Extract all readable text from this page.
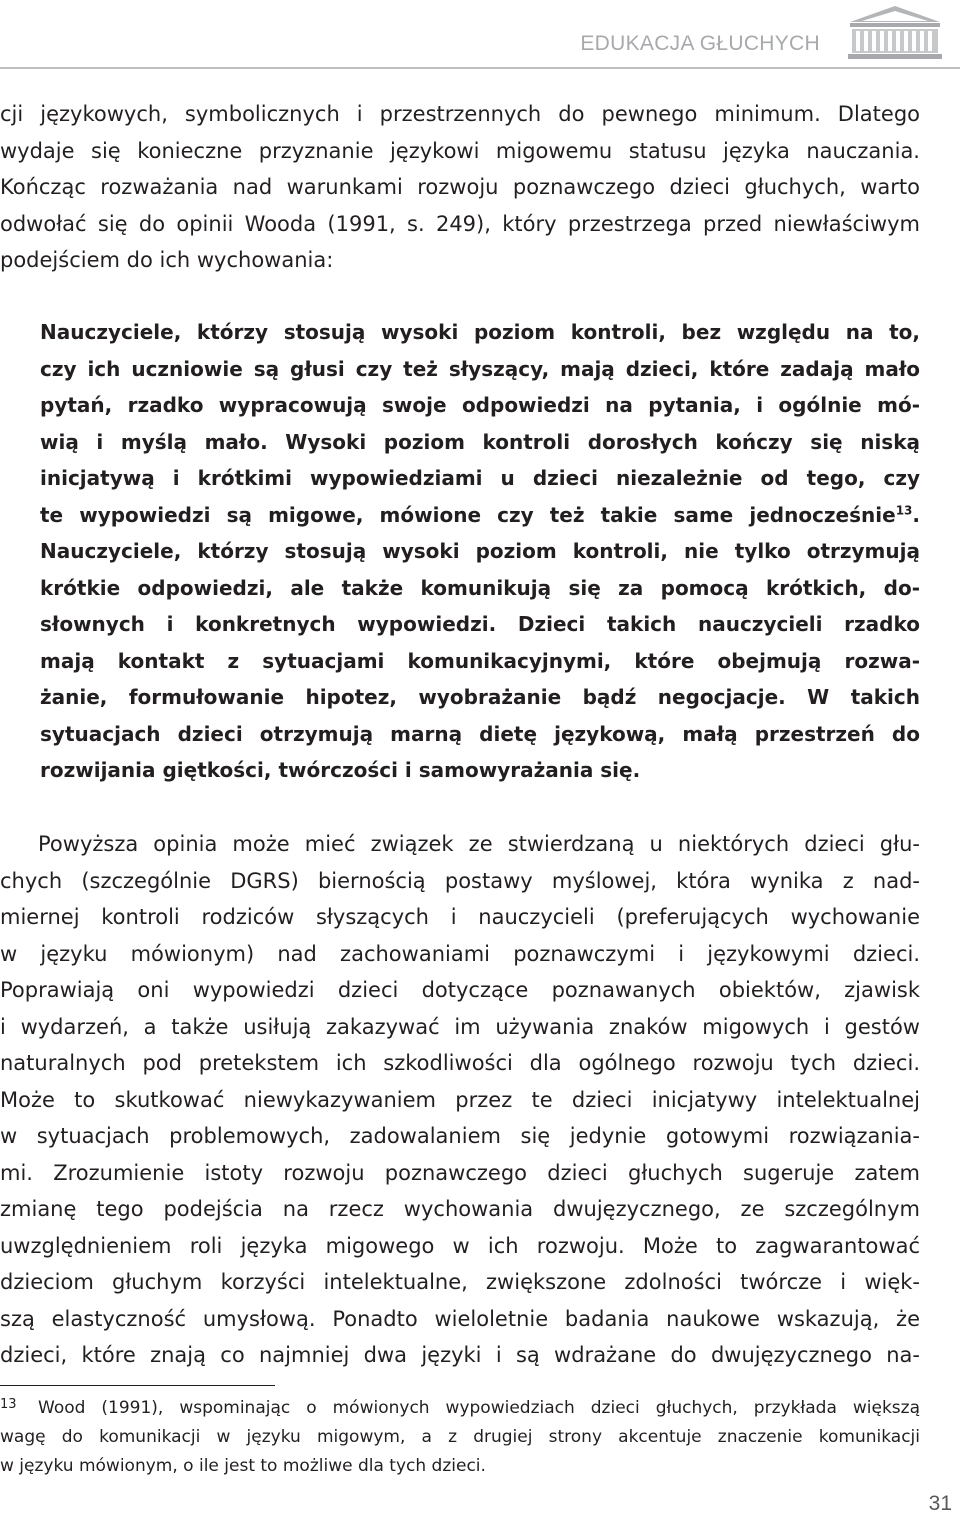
EDUKACJA GŁUCHYCH
cji językowych, symbolicznych i przestrzennych do pewnego minimum. Dlatego
wydaje się konieczne przyznanie językowi migowemu statusu języka nauczania.
Kończąc rozważania nad warunkami rozwoju poznawczego dzieci głuchych, warto
odwołać się do opinii Wooda (1991, s. 249), który przestrzega przed niewłaściwym
podejściem do ich wychowania:
Nauczyciele, którzy stosują wysoki poziom kontroli, bez względu na to,
czy ich uczniowie są głusi czy też słyszący, mają dzieci, które zadają mało
pytań, rzadko wypracowują swoje odpowiedzi na pytania, i ogólnie mó-
wią i myślą mało. Wysoki poziom kontroli dorosłych kończy się niską
inicjatywą i krótkimi wypowiedziami u dzieci niezależnie od tego, czy
te wypowiedzi są migowe, mówione czy też takie same jednocześnie$^{13}$.
Nauczyciele, którzy stosują wysoki poziom kontroli, nie tylko otrzymują
krótkie odpowiedzi, ale także komunikują się za pomocą krótkich, do-
słownych i konkretnych wypowiedzi. Dzieci takich nauczycieli rzadko
mają kontakt z sytuacjami komunikacyjnymi, które obejmują rozwa-
żanie, formułowanie hipotez, wyobrażanie bądź negocjacje. W takich
sytuacjach dzieci otrzymują marną dietę językową, małą przestrzeń do
rozwijania giętkości, twórczości i samowyrażania się.
Powyższa opinia może mieć związek ze stwierdzaną u niektórych dzieci głu-
chych (szczególnie DGRS) biernością postawy myślowej, która wynika z nad-
miernej kontroli rodziców słyszących i nauczycieli (preferujących wychowanie
w języku mówionym) nad zachowaniami poznawczymi i językowymi dzieci.
Poprawiają oni wypowiedzi dzieci dotyczące poznawanych obiektów, zjawisk
i wydarzeń, a także usiłują zakazywać im używania znaków migowych i gestów
naturalnych pod pretekstem ich szkodliwości dla ogólnego rozwoju tych dzieci.
Może to skutkować niewykazywaniem przez te dzieci inicjatywy intelektualnej
w sytuacjach problemowych, zadowalaniem się jedynie gotowymi rozwiązania-
mi. Zrozumienie istoty rozwoju poznawczego dzieci głuchych sugeruje zatem
zmianę tego podejścia na rzecz wychowania dwujęzycznego, ze szczególnym
uwzględnieniem roli języka migowego w ich rozwoju. Może to zagwarantować
dzieciom głuchym korzyści intelektualne, zwiększone zdolności twórcze i więk-
szą elastyczność umysłową. Ponadto wieloletnie badania naukowe wskazują, że
dzieci, które znają co najmniej dwa języki i są wdrażane do dwujęzycznego na-
13 Wood (1991), wspominając o mówionych wypowiedziach dzieci głuchych, przykłada większą
wagę do komunikacji w języku migowym, a z drugiej strony akcentuje znaczenie komunikacji
w języku mówionym, o ile jest to możliwe dla tych dzieci.
31
